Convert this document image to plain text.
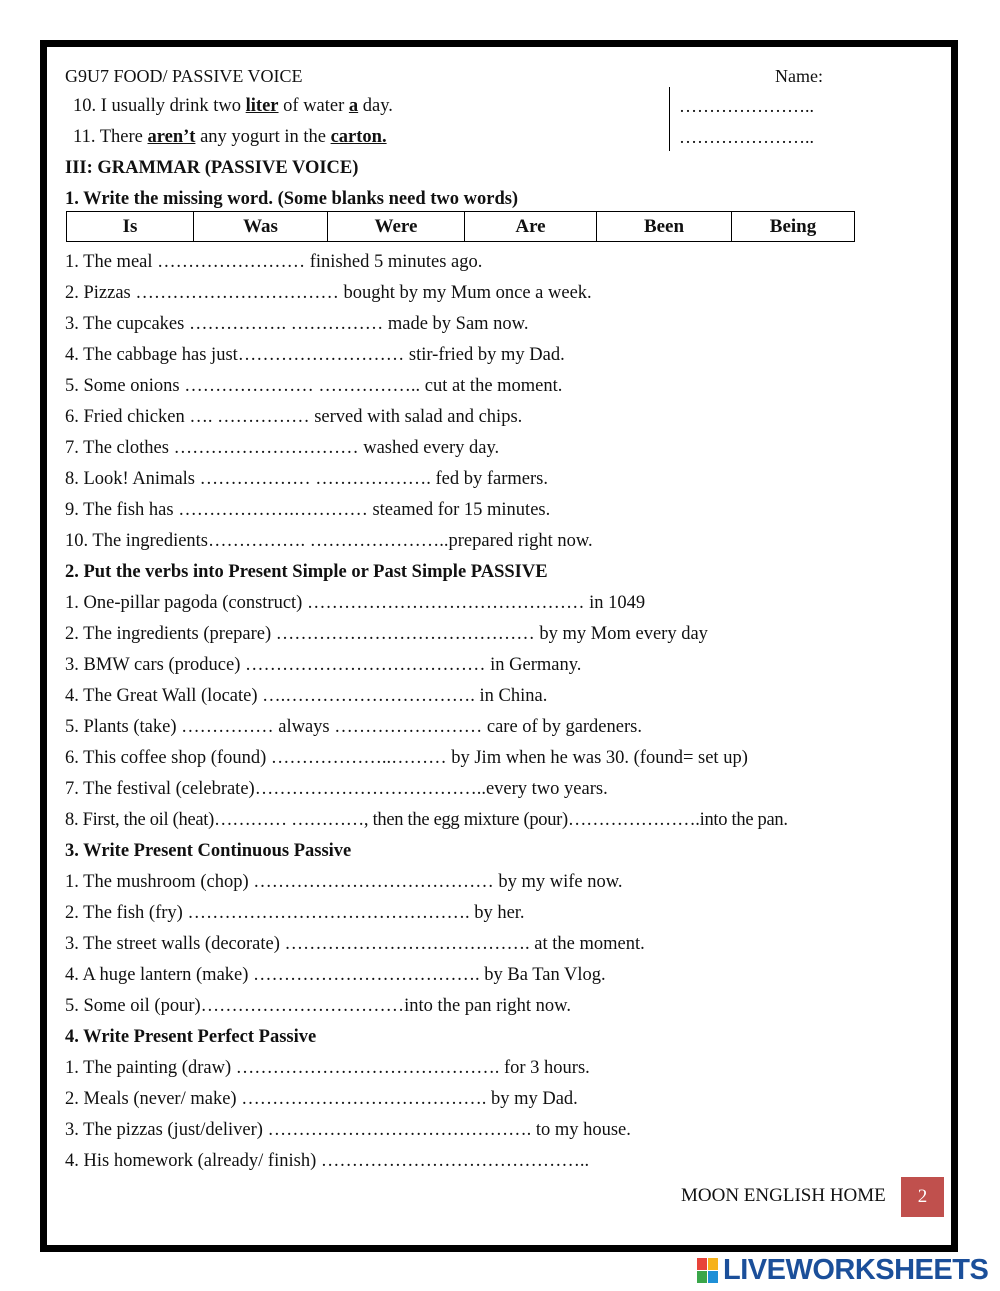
G9U7 FOOD/ PASSIVE VOICE	Name:
10. I usually drink two liter of water a day.
11. There aren’t any yogurt in the carton.
…………………..
…………………..
III: GRAMMAR (PASSIVE VOICE)
1. Write the missing word. (Some blanks need two words)
Is	Was	Were	Are	Been	Being
1. The meal …………………… finished 5 minutes ago.
2. Pizzas …………………………… bought by my Mum once a week.
3. The cupcakes ……………. …………… made by Sam now.
4. The cabbage has just……………………… stir-fried by my Dad.
5. Some onions ………………… …………….. cut at the moment.
6. Fried chicken …. …………… served with salad and chips.
7. The clothes ………………………… washed every day.
8. Look! Animals ……………… ………………. fed by farmers.
9. The fish has ……………….………… steamed for 15 minutes.
10. The ingredients……………. …………………..prepared right now.
2. Put the verbs into Present Simple or Past Simple PASSIVE
1. One-pillar pagoda (construct) ……………………………………… in 1049
2. The ingredients (prepare) …………………………………… by my Mom every day
3. BMW cars (produce) ………………………………… in Germany.
4. The Great Wall (locate) ….…………………………. in China.
5. Plants (take) …………… always …………………… care of by gardeners.
6. This coffee shop (found) ………………..……… by Jim when he was 30. (found= set up)
7. The festival (celebrate)………………………………..every two years.
8. First, the oil (heat)………… …………, then the egg mixture (pour)………………….into the pan.
3. Write Present Continuous Passive
1. The mushroom (chop) ………………………………… by my wife now.
2. The fish (fry) ………………………………………. by her.
3. The street walls (decorate) …………………………………. at the moment.
4. A huge lantern (make) ………………………………. by Ba Tan Vlog.
5. Some oil (pour)……………………………into the pan right now.
4. Write Present Perfect Passive
1. The painting (draw) ……………………………………. for 3 hours.
2. Meals (never/ make) …………………………………. by my Dad.
3. The pizzas (just/deliver) ……………………………………. to my house.
4. His homework (already/ finish) ……………………………………..
MOON ENGLISH HOME	2
LIVEWORKSHEETS
